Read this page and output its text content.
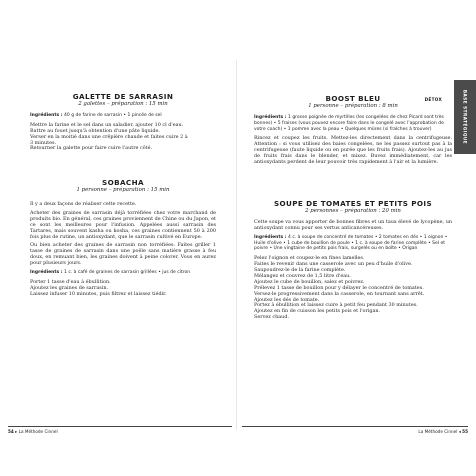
GALETTE DE SARRASIN
2 galettes – préparation : 15 min

Ingrédients : 40 g de farine de sarrasin • 1 pincée de sel

Mettre la farine et le sel dans un saladier, ajouter 10 cl d'eau.
Battre au fouet jusqu'à obtention d'une pâte liquide.
Verser en la moitié dans une crêpière chaude et faites cuire 2 à
3 minutes.
Retourner la galette pour faire cuire l'autre côté.
SOBACHA
1 personne – préparation : 15 min

Il y a deux façons de réaliser cette recette.

Acheter des graines de sarrasin déjà torréfiées chez votre marchand de produits bio. En général, ces graines proviennent de Chine ou du Japon, et ce sont les meilleures pour l'infusion. Appelées aussi sarrasin des Tartares, mais souvent kasha ou kosha, ces graines contiennent 50 à 200 fois plus de rutine, un antioxydant, que le sarrasin cultivé en Europe.

Ou bien acheter des graines de sarrasin non torréfiées. Faites griller 1 tasse de graines de sarrasin dans une poêle sans matière grasse à feu doux, en remuant bien, les graines doivent à peine colorer. Vous en aurez pour plusieurs jours.

Ingrédients : 1 c. à café de graines de sarrasin grillées • jus de citron

Porter 1 tasse d'eau à ébullition.
Ajoutez les graines de sarrasin.
Laissez infuser 10 minutes, puis filtrez et laissez tiédir.
54 ▸ La Méthode Cinnel
DÉTOX	BASE STRATÉGIQUE
BOOST BLEU
1 personne – préparation : 8 min

Ingrédients : 1 grosse poignée de myrtilles (les congelées de chez Picard sont très bonnes) • 5 fraises (vous pouvez encore faire dans le congelé avec l'approbation de votre coach) • 1 pomme avec la peau • Quelques mûres (si fraîches à trouver)

Rincez et coupez les fruits. Mettez-les directement dans la centrifugeuse. Attention : si vous utilisez des baies congelées, ne les passez surtout pas à la centrifugeuse (faute liquide ou en purée que les fruits frais). Ajoutez-les au jus de fruits frais dans le blender, et mixez. Buvez immédiatement, car les antioxydants perdent de leur pouvoir très rapidement à l'air et la lumière.

SOUPE DE TOMATES ET PETITS POIS
2 personnes – préparation : 20 min

Cette soupe va vous apporter de bonnes fibres et un taux élevé de lycopène, un antioxydant connu pour ses vertus anticancéreuses.

Ingrédients : 4 c. à soupe de concentré de tomates • 2 tomates en dés • 1 oignon • Huile d'olive • 1 cube de bouillon de poule • 1 c. à soupe de farine complète • Sel et poivre • Une vingtaine de petits pois frais, surgelés ou en boîte • Origan

Pelez l'oignon et coupez-le en fines lamelles.
Faites le revenir dans une casserole avec un peu d'huile d'olive.
Saupoudrez-le de la farine complète.
Mélangez et couvrez de 1,5 litre d'eau.
Ajoutez le cube de bouillon, salez et poivrez.
Prélevez 1 tasse de bouillon pour y délayer le concentré de tomates.
Versez-le progressivement dans la casserole, en tournant sans arrêt.
Ajoutez les dés de tomate.
Portez à ébullition et laissez cuire à petit feu pendant 30 minutes.
Ajoutez en fin de cuisson les petits pois et l'origan.
Servez chaud.
La Méthode Cinnel ◂ 55
